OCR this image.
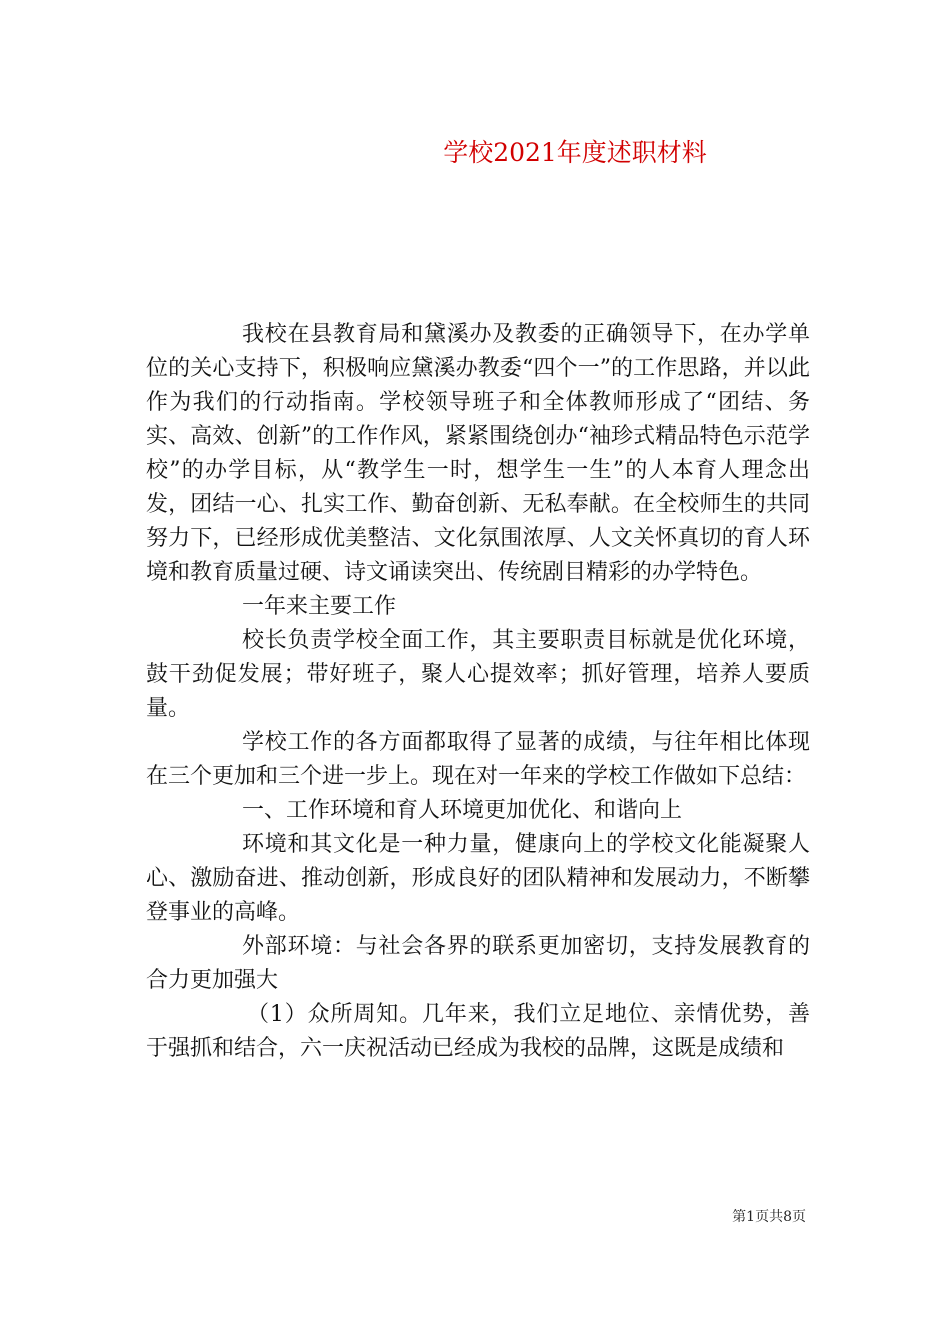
学校2021年度述职材料

我校在县教育局和黛溪办及教委的正确领导下，在办学单位的关心支持下，积极响应黛溪办教委“四个一”的工作思路，并以此作为我们的行动指南。学校领导班子和全体教师形成了“团结、务实、高效、创新”的工作作风，紧紧围绕创办“袖珍式精品特色示范学校”的办学目标，从“教学生一时，想学生一生”的人本育人理念出发，团结一心、扎实工作、勤奋创新、无私奉献。在全校师生的共同努力下，已经形成优美整洁、文化氛围浓厚、人文关怀真切的育人环境和教育质量过硬、诗文诵读突出、传统剧目精彩的办学特色。

一年来主要工作

校长负责学校全面工作，其主要职责目标就是优化环境，鼓干劲促发展；带好班子，聚人心提效率；抓好管理，培养人要质量。

学校工作的各方面都取得了显著的成绩，与往年相比体现在三个更加和三个进一步上。现在对一年来的学校工作做如下总结：

一、工作环境和育人环境更加优化、和谐向上

环境和其文化是一种力量，健康向上的学校文化能凝聚人心、激励奋进、推动创新，形成良好的团队精神和发展动力，不断攀登事业的高峰。

外部环境：与社会各界的联系更加密切，支持发展教育的合力更加强大

（1）众所周知。几年来，我们立足地位、亲情优势，善于强抓和结合，六一庆祝活动已经成为我校的品牌，这既是成绩和

第1页共8页
